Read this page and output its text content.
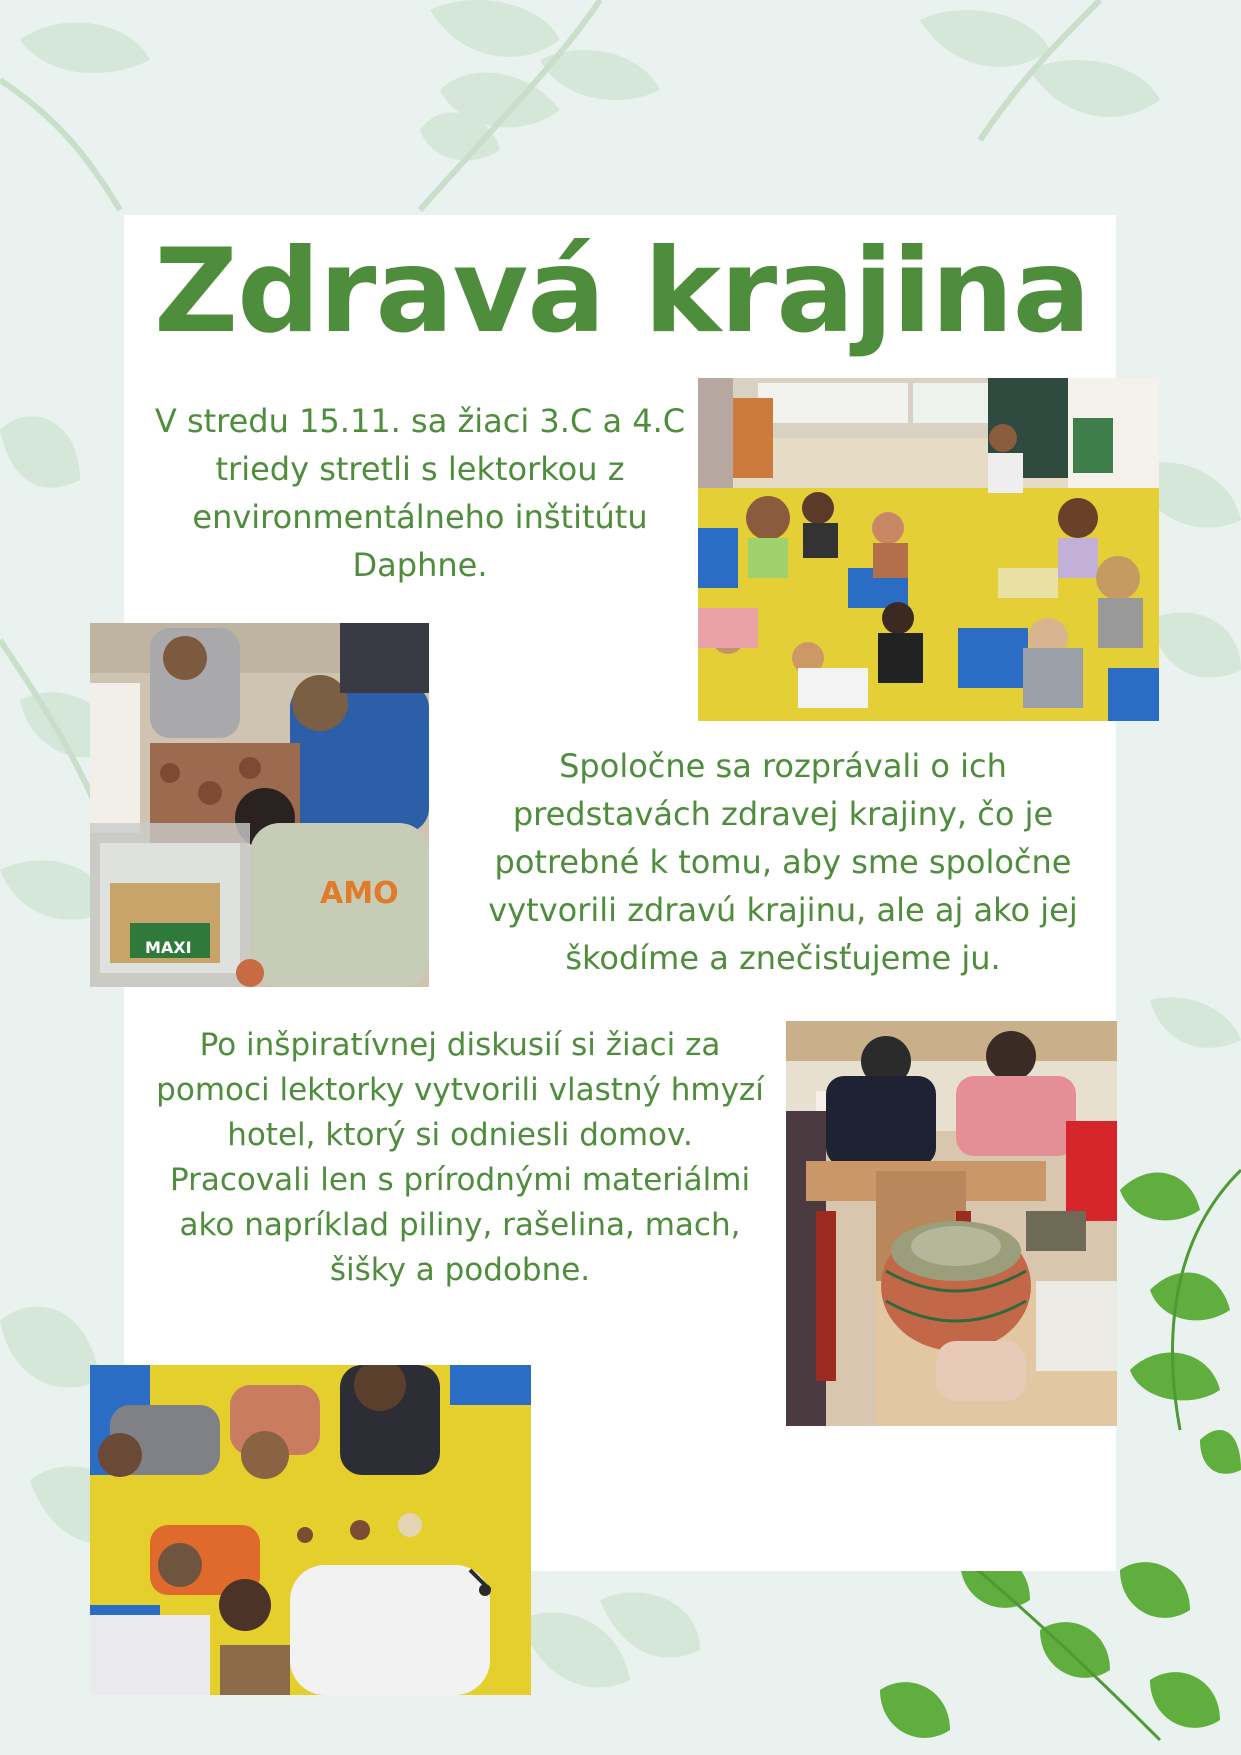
Zdravá krajina
V stredu 15.11. sa žiaci 3.C a 4.C
triedy stretli s lektorkou z
environmentálneho inštitútu
Daphne.
Spoločne sa rozprávali o ich
predstavách zdravej krajiny, čo je
potrebné k tomu, aby sme spoločne
vytvorili zdravú krajinu, ale aj ako jej
škodíme a znečisťujeme ju.
Po inšpiratívnej diskusií si žiaci za
pomoci lektorky vytvorili vlastný hmyzí
hotel, ktorý si odniesli domov.
Pracovali len s prírodnými materiálmi
ako napríklad piliny, rašelina, mach,
šišky a podobne.
AMO
MAXI
